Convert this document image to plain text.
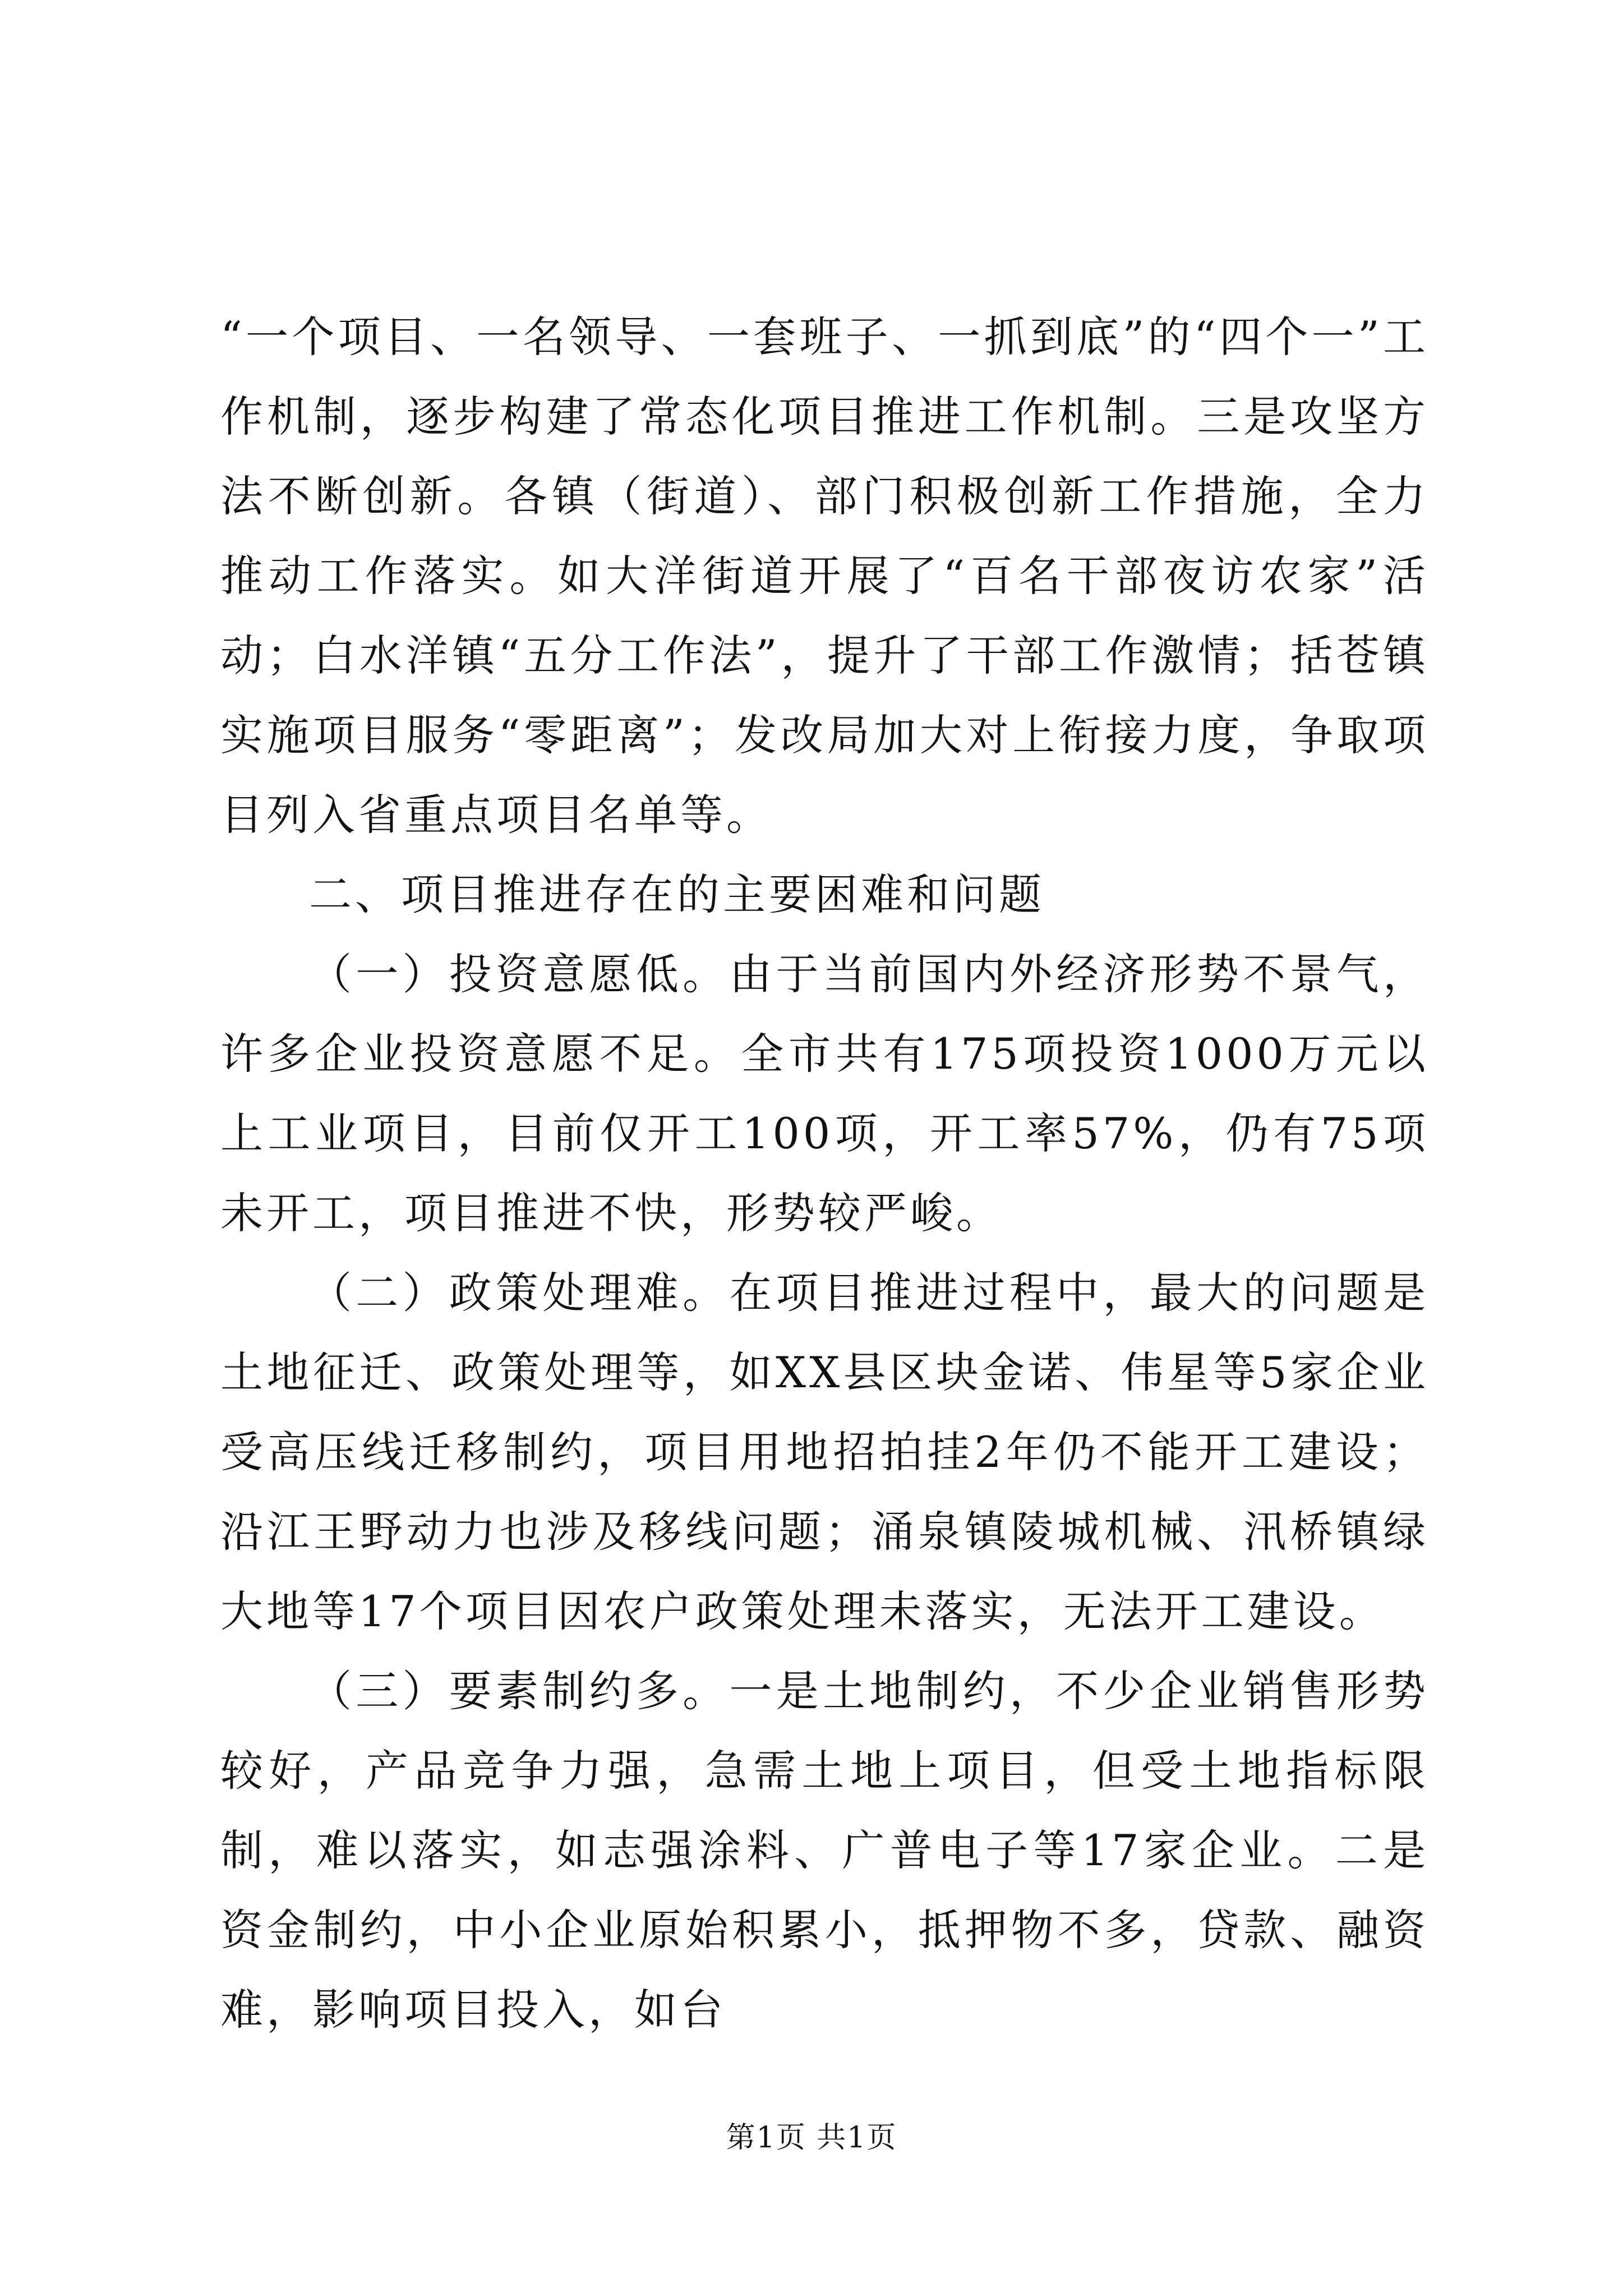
“一个项目、一名领导、一套班子、一抓到底”的“四个一”工作机制，逐步构建了常态化项目推进工作机制。三是攻坚方法不断创新。各镇（街道）、部门积极创新工作措施，全力推动工作落实。如大洋街道开展了“百名干部夜访农家”活动；白水洋镇“五分工作法”，提升了干部工作激情；括苍镇实施项目服务“零距离”；发改局加大对上衔接力度，争取项目列入省重点项目名单等。

二、项目推进存在的主要困难和问题

（一）投资意愿低。由于当前国内外经济形势不景气，许多企业投资意愿不足。全市共有175项投资1000万元以上工业项目，目前仅开工100项，开工率57%，仍有75项未开工，项目推进不快，形势较严峻。

（二）政策处理难。在项目推进过程中，最大的问题是土地征迁、政策处理等，如XX县区块金诺、伟星等5家企业受高压线迁移制约，项目用地招拍挂2年仍不能开工建设；沿江王野动力也涉及移线问题；涌泉镇陵城机械、汛桥镇绿大地等17个项目因农户政策处理未落实，无法开工建设。

（三）要素制约多。一是土地制约，不少企业销售形势较好，产品竞争力强，急需土地上项目，但受土地指标限制，难以落实，如志强涂料、广普电子等17家企业。二是资金制约，中小企业原始积累小，抵押物不多，贷款、融资难，影响项目投入，如台

第1页 共1页
